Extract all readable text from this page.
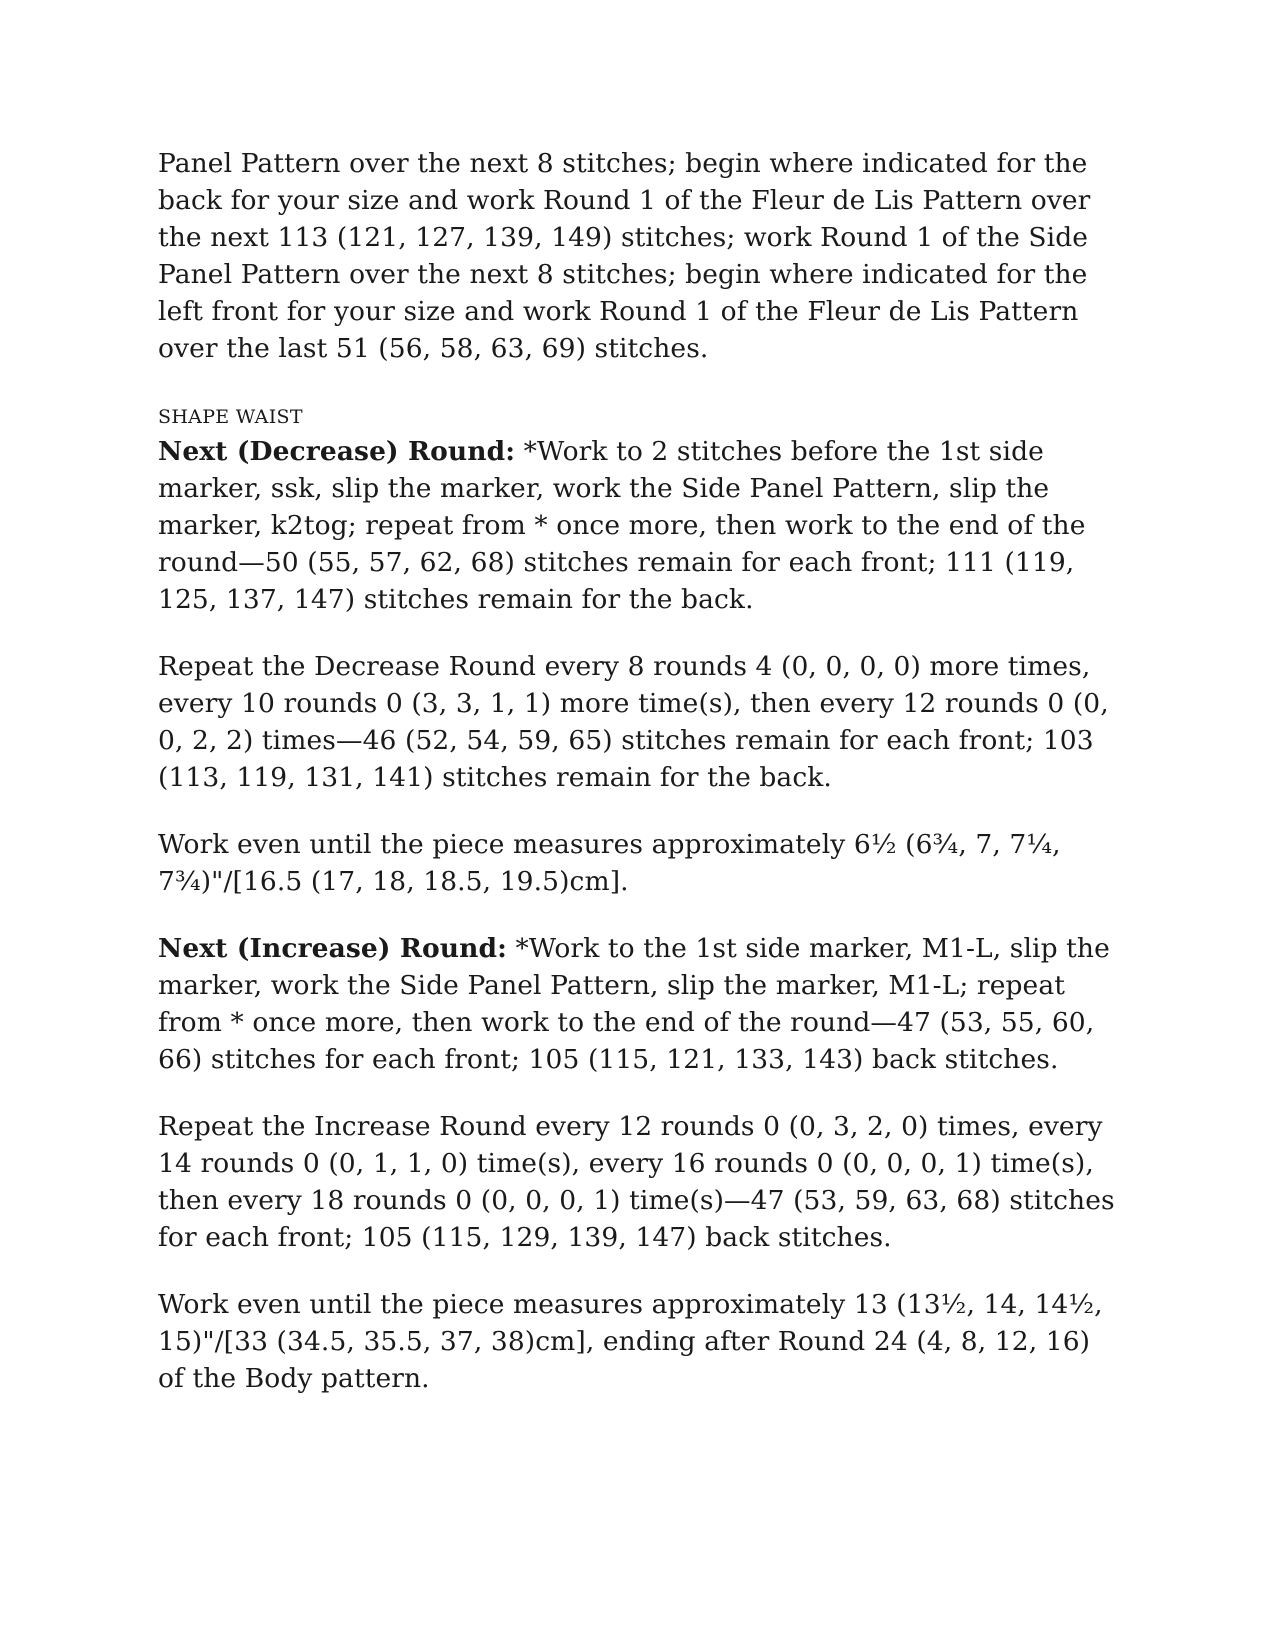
Panel Pattern over the next 8 stitches; begin where indicated for the back for your size and work Round 1 of the Fleur de Lis Pattern over the next 113 (121, 127, 139, 149) stitches; work Round 1 of the Side Panel Pattern over the next 8 stitches; begin where indicated for the left front for your size and work Round 1 of the Fleur de Lis Pattern over the last 51 (56, 58, 63, 69) stitches.

SHAPE WAIST

Next (Decrease) Round: *Work to 2 stitches before the 1st side marker, ssk, slip the marker, work the Side Panel Pattern, slip the marker, k2tog; repeat from * once more, then work to the end of the round—50 (55, 57, 62, 68) stitches remain for each front; 111 (119, 125, 137, 147) stitches remain for the back.

Repeat the Decrease Round every 8 rounds 4 (0, 0, 0, 0) more times, every 10 rounds 0 (3, 3, 1, 1) more time(s), then every 12 rounds 0 (0, 0, 2, 2) times—46 (52, 54, 59, 65) stitches remain for each front; 103 (113, 119, 131, 141) stitches remain for the back.

Work even until the piece measures approximately 6½ (6¾, 7, 7¼, 7¾)"/[16.5 (17, 18, 18.5, 19.5)cm].

Next (Increase) Round: *Work to the 1st side marker, M1-L, slip the marker, work the Side Panel Pattern, slip the marker, M1-L; repeat from * once more, then work to the end of the round—47 (53, 55, 60, 66) stitches for each front; 105 (115, 121, 133, 143) back stitches.

Repeat the Increase Round every 12 rounds 0 (0, 3, 2, 0) times, every 14 rounds 0 (0, 1, 1, 0) time(s), every 16 rounds 0 (0, 0, 0, 1) time(s), then every 18 rounds 0 (0, 0, 0, 1) time(s)—47 (53, 59, 63, 68) stitches for each front; 105 (115, 129, 139, 147) back stitches.

Work even until the piece measures approximately 13 (13½, 14, 14½, 15)"/[33 (34.5, 35.5, 37, 38)cm], ending after Round 24 (4, 8, 12, 16) of the Body pattern.
